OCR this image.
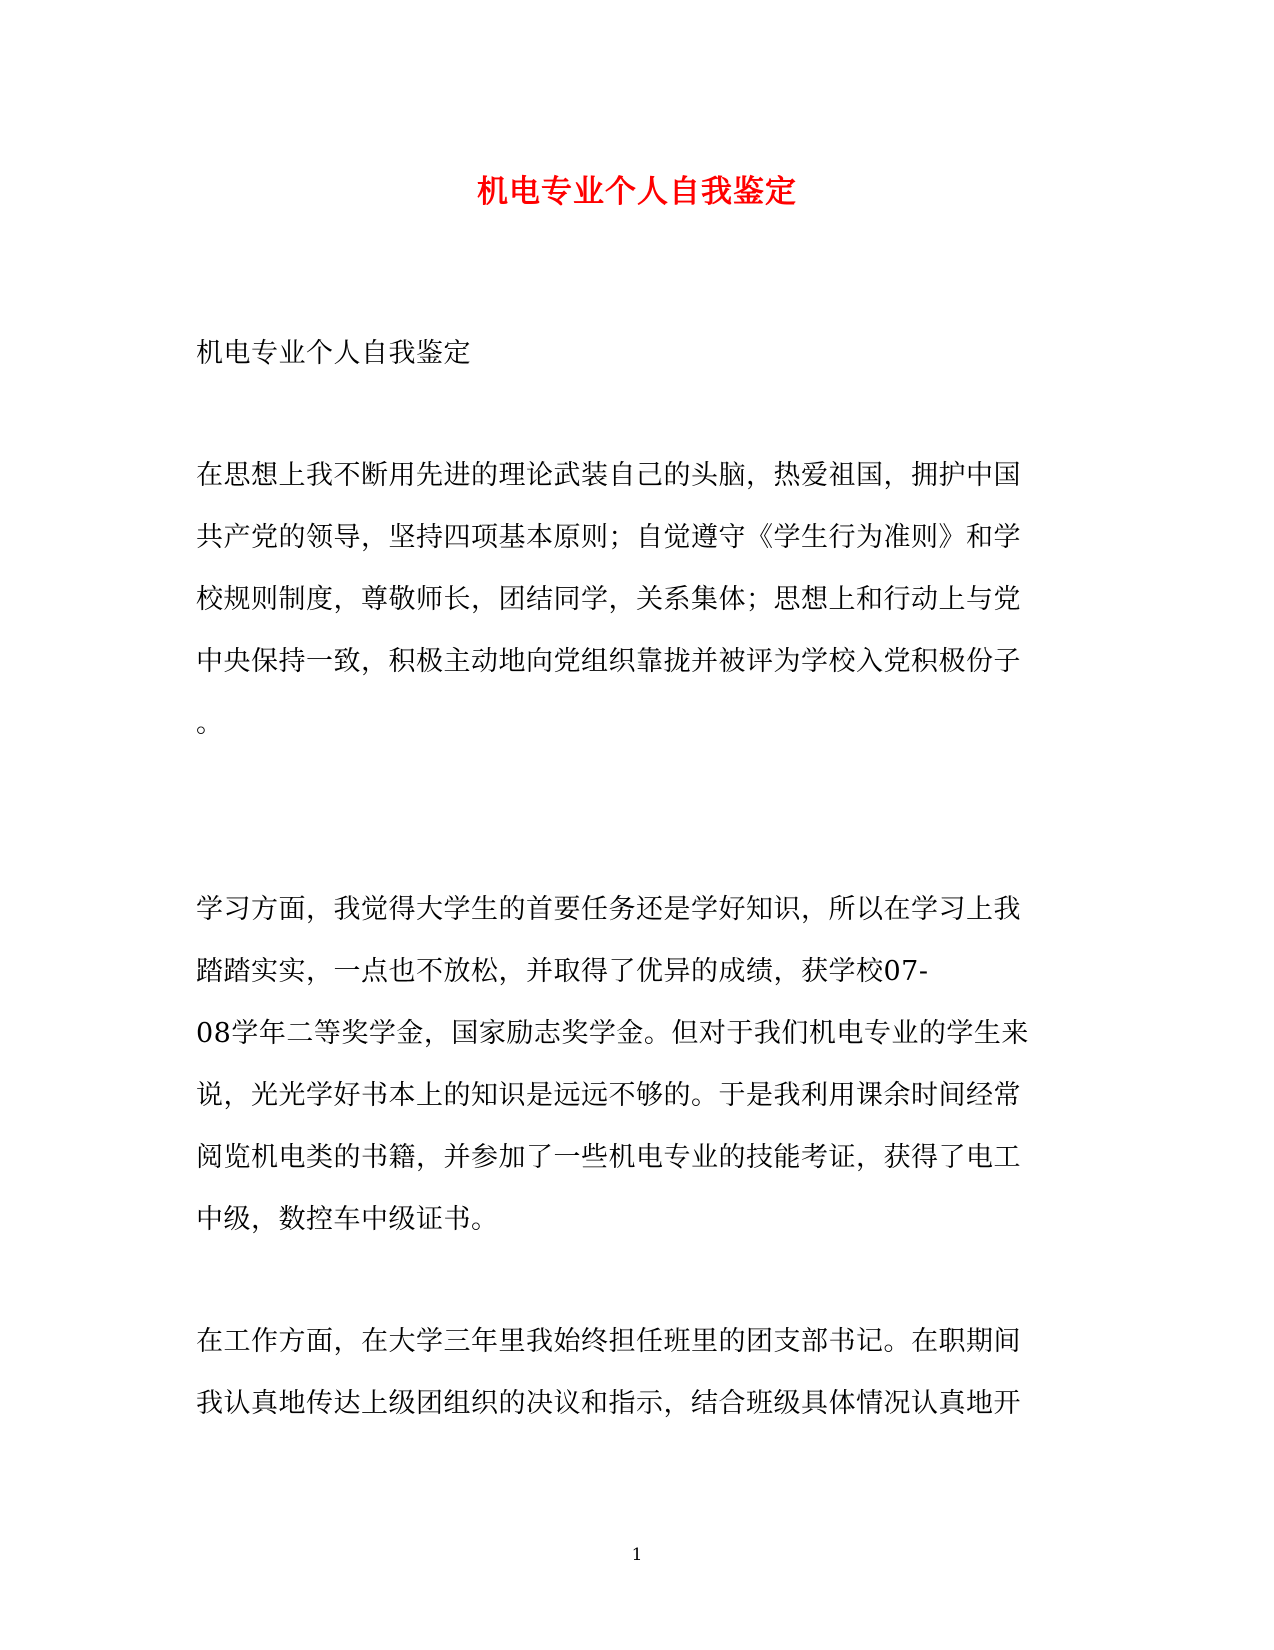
机电专业个人自我鉴定
机电专业个人自我鉴定
在思想上我不断用先进的理论武装自己的头脑，热爱祖国，拥护中国
共产党的领导，坚持四项基本原则；自觉遵守《学生行为准则》和学
校规则制度，尊敬师长，团结同学，关系集体；思想上和行动上与党
中央保持一致，积极主动地向党组织靠拢并被评为学校入党积极份子
。
学习方面，我觉得大学生的首要任务还是学好知识，所以在学习上我
踏踏实实，一点也不放松，并取得了优异的成绩，获学校07-
08学年二等奖学金，国家励志奖学金。但对于我们机电专业的学生来
说，光光学好书本上的知识是远远不够的。于是我利用课余时间经常
阅览机电类的书籍，并参加了一些机电专业的技能考证，获得了电工
中级，数控车中级证书。
在工作方面，在大学三年里我始终担任班里的团支部书记。在职期间
我认真地传达上级团组织的决议和指示，结合班级具体情况认真地开
1
